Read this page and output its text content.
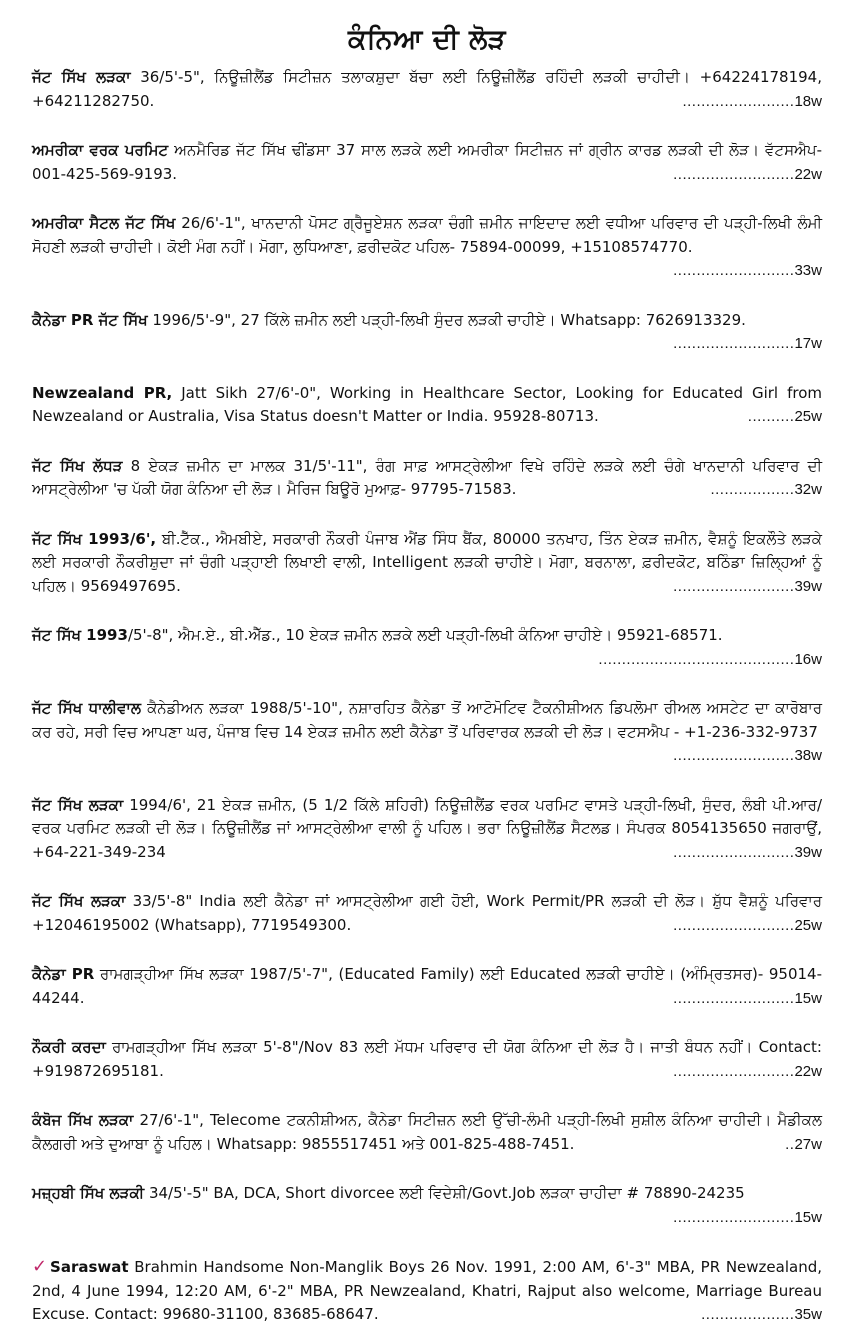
ਕੰਨਿਆ ਦੀ ਲੋੜ

ਜੱਟ ਸਿੱਖ ਲੜਕਾ 36/5'-5", ਨਿਊਜ਼ੀਲੈਂਡ ਸਿਟੀਜ਼ਨ ਤਲਾਕਸ਼ੁਦਾ ਬੱਚਾ ਲਈ ਨਿਊਜ਼ੀਲੈਂਡ ਰਹਿੰਦੀ ਲੜਕੀ ਚਾਹੀਦੀ। +64224178194, +64211282750.	........................18w

ਅਮਰੀਕਾ ਵਰਕ ਪਰਮਿਟ ਅਨਮੈਰਿਡ ਜੱਟ ਸਿੱਖ ਢੀਂਡਸਾ 37 ਸਾਲ ਲੜਕੇ ਲਈ ਅਮਰੀਕਾ ਸਿਟੀਜ਼ਨ ਜਾਂ ਗ੍ਰੀਨ ਕਾਰਡ ਲੜਕੀ ਦੀ ਲੋੜ। ਵੱਟਸਐਪ- 001-425-569-9193.	..........................22w

ਅਮਰੀਕਾ ਸੈਟਲ ਜੱਟ ਸਿੱਖ 26/6'-1", ਖਾਨਦਾਨੀ ਪੋਸਟ ਗ੍ਰੈਜੂਏਸ਼ਨ ਲੜਕਾ ਚੰਗੀ ਜ਼ਮੀਨ ਜਾਇਦਾਦ ਲਈ ਵਧੀਆ ਪਰਿਵਾਰ ਦੀ ਪੜ੍ਹੀ-ਲਿਖੀ ਲੰਮੀ ਸੋਹਣੀ ਲੜਕੀ ਚਾਹੀਦੀ। ਕੋਈ ਮੰਗ ਨਹੀਂ। ਮੋਗਾ, ਲੁਧਿਆਣਾ, ਫ਼ਰੀਦਕੋਟ ਪਹਿਲ- 75894-00099, +15108574770.
..........................33w

ਕੈਨੇਡਾ PR ਜੱਟ ਸਿੱਖ 1996/5'-9", 27 ਕਿੱਲੇ ਜ਼ਮੀਨ ਲਈ ਪੜ੍ਹੀ-ਲਿਖੀ ਸੁੰਦਰ ਲੜਕੀ ਚਾਹੀਏ। Whatsapp: 7626913329.
..........................17w

Newzealand PR, Jatt Sikh 27/6'-0", Working in Healthcare Sector, Looking for Educated Girl from Newzealand or Australia, Visa Status doesn't Matter or India. 95928-80713.	..........25w

ਜੱਟ ਸਿੱਖ ਲੱਧੜ 8 ਏਕੜ ਜ਼ਮੀਨ ਦਾ ਮਾਲਕ 31/5'-11", ਰੰਗ ਸਾਫ਼ ਆਸਟ੍ਰੇਲੀਆ ਵਿਖੇ ਰਹਿੰਦੇ ਲੜਕੇ ਲਈ ਚੰਗੇ ਖਾਨਦਾਨੀ ਪਰਿਵਾਰ ਦੀ ਆਸਟ੍ਰੇਲੀਆ 'ਚ ਪੱਕੀ ਯੋਗ ਕੰਨਿਆ ਦੀ ਲੋੜ। ਮੈਰਿਜ ਬਿਊਰੋ ਮੁਆਫ਼- 97795-71583.	..................32w

ਜੱਟ ਸਿੱਖ 1993/6', ਬੀ.ਟੈੱਕ., ਐਮਬੀਏ, ਸਰਕਾਰੀ ਨੌਕਰੀ ਪੰਜਾਬ ਐਂਡ ਸਿੰਧ ਬੈਂਕ, 80000 ਤਨਖਾਹ, ਤਿੰਨ ਏਕੜ ਜ਼ਮੀਨ, ਵੈਸ਼ਨੂੰ ਇਕਲੌਤੇ ਲੜਕੇ ਲਈ ਸਰਕਾਰੀ ਨੌਕਰੀਸ਼ੁਦਾ ਜਾਂ ਚੰਗੀ ਪੜ੍ਹਾਈ ਲਿਖਾਈ ਵਾਲੀ, Intelligent ਲੜਕੀ ਚਾਹੀਏ। ਮੋਗਾ, ਬਰਨਾਲਾ, ਫ਼ਰੀਦਕੋਟ, ਬਠਿੰਡਾ ਜ਼ਿਲ੍ਹਿਆਂ ਨੂੰ ਪਹਿਲ। 9569497695.	..........................39w

ਜੱਟ ਸਿੱਖ 1993/5'-8", ਐਮ.ਏ., ਬੀ.ਐੱਡ., 10 ਏਕੜ ਜ਼ਮੀਨ ਲੜਕੇ ਲਈ ਪੜ੍ਹੀ-ਲਿਖੀ ਕੰਨਿਆ ਚਾਹੀਏ। 95921-68571.
..........................................16w

ਜੱਟ ਸਿੱਖ ਧਾਲੀਵਾਲ ਕੈਨੇਡੀਅਨ ਲੜਕਾ 1988/5'-10", ਨਸ਼ਾਰਹਿਤ ਕੈਨੇਡਾ ਤੋਂ ਆਟੋਮੋਟਿਵ ਟੈਕਨੀਸ਼ੀਅਨ ਡਿਪਲੋਮਾ ਰੀਅਲ ਅਸਟੇਟ ਦਾ ਕਾਰੋਬਾਰ ਕਰ ਰਹੇ, ਸਰੀ ਵਿਚ ਆਪਣਾ ਘਰ, ਪੰਜਾਬ ਵਿਚ 14 ਏਕੜ ਜ਼ਮੀਨ ਲਈ ਕੈਨੇਡਾ ਤੋਂ ਪਰਿਵਾਰਕ ਲੜਕੀ ਦੀ ਲੋੜ। ਵਟਸਐਪ - +1-236-332-9737
..........................38w

ਜੱਟ ਸਿੱਖ ਲੜਕਾ 1994/6', 21 ਏਕੜ ਜ਼ਮੀਨ, (5 1/2 ਕਿੱਲੇ ਸ਼ਹਿਰੀ) ਨਿਊਜ਼ੀਲੈਂਡ ਵਰਕ ਪਰਮਿਟ ਵਾਸਤੇ ਪੜ੍ਹੀ-ਲਿਖੀ, ਸੁੰਦਰ, ਲੰਬੀ ਪੀ.ਆਰ/ਵਰਕ ਪਰਮਿਟ ਲੜਕੀ ਦੀ ਲੋੜ। ਨਿਊਜ਼ੀਲੈਂਡ ਜਾਂ ਆਸਟ੍ਰੇਲੀਆ ਵਾਲੀ ਨੂੰ ਪਹਿਲ। ਭਰਾ ਨਿਊਜ਼ੀਲੈਂਡ ਸੈਟਲਡ। ਸੰਪਰਕ 8054135650 ਜਗਰਾਉਂ, +64-221-349-234	..........................39w

ਜੱਟ ਸਿੱਖ ਲੜਕਾ 33/5'-8" India ਲਈ ਕੈਨੇਡਾ ਜਾਂ ਆਸਟ੍ਰੇਲੀਆ ਗਈ ਹੋਈ, Work Permit/PR ਲੜਕੀ ਦੀ ਲੋੜ। ਸ਼ੁੱਧ ਵੈਸ਼ਨੂੰ ਪਰਿਵਾਰ +12046195002 (Whatsapp), 7719549300.	..........................25w

ਕੈਨੇਡਾ PR ਰਾਮਗੜ੍ਹੀਆ ਸਿੱਖ ਲੜਕਾ 1987/5'-7", (Educated Family) ਲਈ Educated ਲੜਕੀ ਚਾਹੀਏ। (ਅੰਮ੍ਰਿਤਸਰ)- 95014-44244.	..........................15w

ਨੌਕਰੀ ਕਰਦਾ ਰਾਮਗੜ੍ਹੀਆ ਸਿੱਖ ਲੜਕਾ 5'-8"/Nov 83 ਲਈ ਮੱਧਮ ਪਰਿਵਾਰ ਦੀ ਯੋਗ ਕੰਨਿਆ ਦੀ ਲੋੜ ਹੈ। ਜਾਤੀ ਬੰਧਨ ਨਹੀਂ। Contact: +919872695181.	..........................22w

ਕੰਬੋਜ ਸਿੱਖ ਲੜਕਾ 27/6'-1", Telecome ਟਕਨੀਸ਼ੀਅਨ, ਕੈਨੇਡਾ ਸਿਟੀਜ਼ਨ ਲਈ ਉੱਚੀ-ਲੰਮੀ ਪੜ੍ਹੀ-ਲਿਖੀ ਸੁਸ਼ੀਲ ਕੰਨਿਆ ਚਾਹੀਦੀ। ਮੈਡੀਕਲ ਕੈਲਗਰੀ ਅਤੇ ਦੁਆਬਾ ਨੂੰ ਪਹਿਲ। Whatsapp: 9855517451 ਅਤੇ 001-825-488-7451.	..27w

ਮਜ਼੍ਹਬੀ ਸਿੱਖ ਲੜਕੀ 34/5'-5" BA, DCA, Short divorcee ਲਈ ਵਿਦੇਸ਼ੀ/Govt.Job ਲੜਕਾ ਚਾਹੀਦਾ # 78890-24235
..........................15w

✓ Saraswat Brahmin Handsome Non-Manglik Boys 26 Nov. 1991, 2:00 AM, 6'-3" MBA, PR Newzealand, 2nd, 4 June 1994, 12:20 AM, 6'-2" MBA, PR Newzealand, Khatri, Rajput also welcome, Marriage Bureau Excuse. Contact: 99680-31100, 83685-68647.	....................35w
